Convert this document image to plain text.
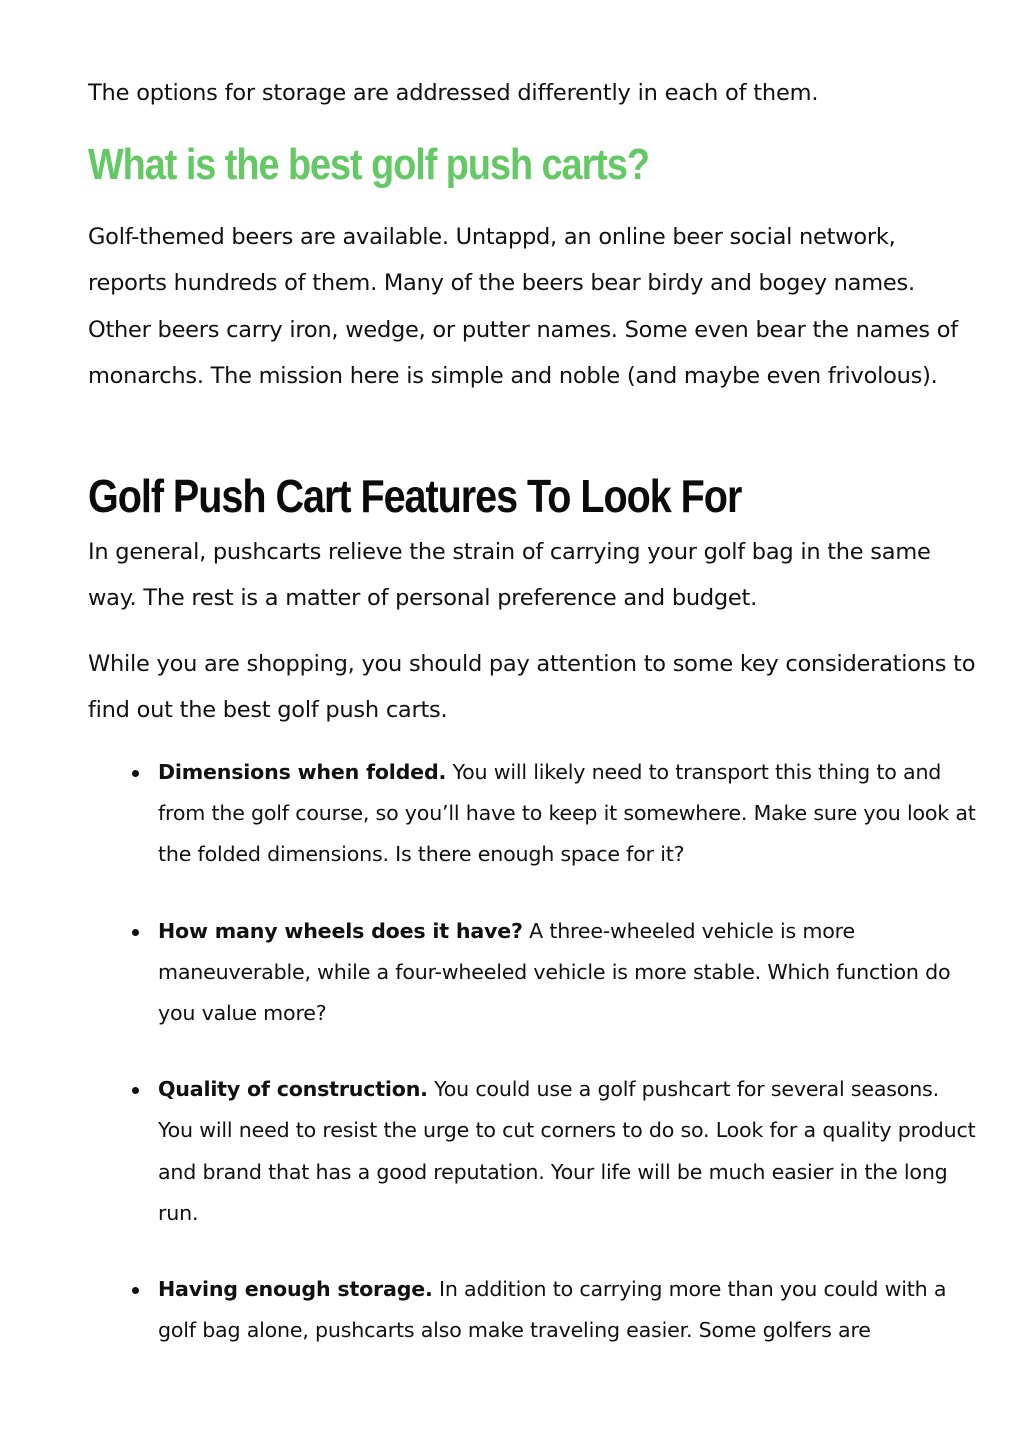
The options for storage are addressed differently in each of them.

What is the best golf push carts?

Golf-themed beers are available. Untappd, an online beer social network, reports hundreds of them. Many of the beers bear birdy and bogey names. Other beers carry iron, wedge, or putter names. Some even bear the names of monarchs. The mission here is simple and noble (and maybe even frivolous).

Golf Push Cart Features To Look For

In general, pushcarts relieve the strain of carrying your golf bag in the same way. The rest is a matter of personal preference and budget.

While you are shopping, you should pay attention to some key considerations to find out the best golf push carts.

Dimensions when folded. You will likely need to transport this thing to and from the golf course, so you’ll have to keep it somewhere. Make sure you look at the folded dimensions. Is there enough space for it?
How many wheels does it have? A three-wheeled vehicle is more maneuverable, while a four-wheeled vehicle is more stable. Which function do you value more?
Quality of construction. You could use a golf pushcart for several seasons. You will need to resist the urge to cut corners to do so. Look for a quality product and brand that has a good reputation. Your life will be much easier in the long run.
Having enough storage. In addition to carrying more than you could with a golf bag alone, pushcarts also make traveling easier. Some golfers are
